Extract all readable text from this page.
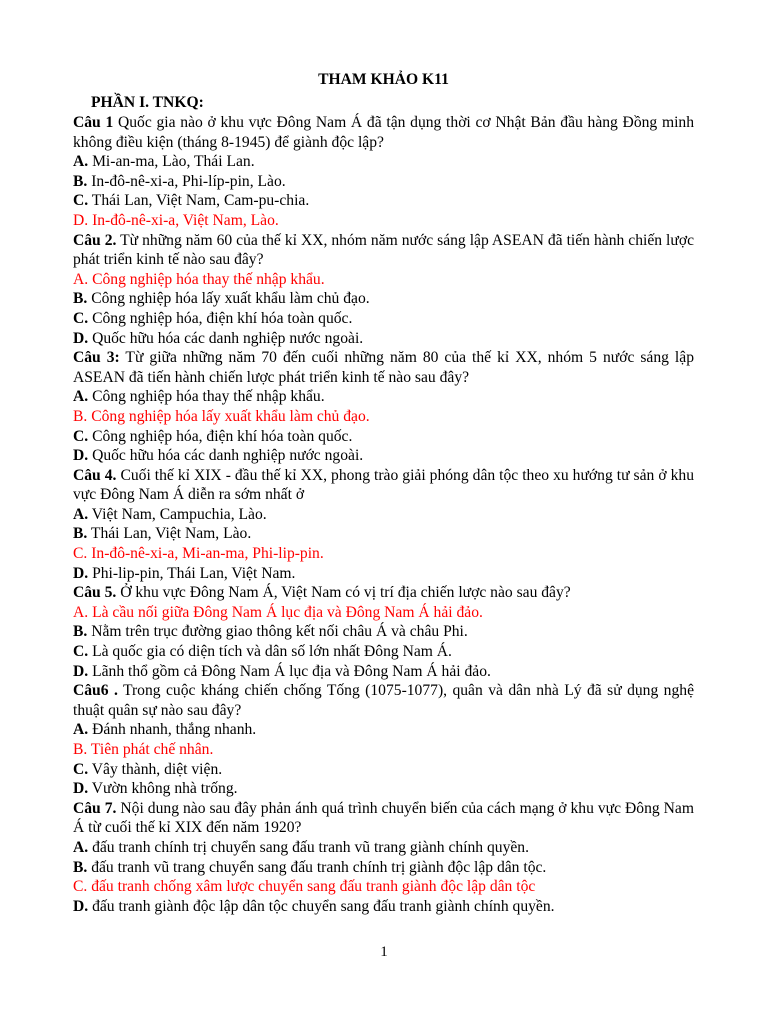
THAM KHẢO K11
PHẦN I. TNKQ:

Câu 1 Quốc gia nào ở khu vực Đông Nam Á đã tận dụng thời cơ Nhật Bản đầu hàng Đồng minh không điều kiện (tháng 8-1945) để giành độc lập?

A. Mi-an-ma, Lào, Thái Lan.

B. In-đô-nê-xi-a, Phi-líp-pin, Lào.

C. Thái Lan, Việt Nam, Cam-pu-chia.

D. In-đô-nê-xi-a, Việt Nam, Lào.

Câu 2. Từ những năm 60 của thế kỉ XX, nhóm năm nước sáng lập ASEAN đã tiến hành chiến lược phát triển kinh tế nào sau đây?

A. Công nghiệp hóa thay thế nhập khẩu.

B. Công nghiệp hóa lấy xuất khẩu làm chủ đạo.

C. Công nghiệp hóa, điện khí hóa toàn quốc.

D. Quốc hữu hóa các danh nghiệp nước ngoài.

Câu 3: Từ giữa những năm 70 đến cuối những năm 80 của thế kỉ XX, nhóm 5 nước sáng lập ASEAN đã tiến hành chiến lược phát triển kinh tế nào sau đây?

A. Công nghiệp hóa thay thế nhập khẩu.

B. Công nghiệp hóa lấy xuất khẩu làm chủ đạo.

C. Công nghiệp hóa, điện khí hóa toàn quốc.

D. Quốc hữu hóa các danh nghiệp nước ngoài.

Câu 4. Cuối thế kỉ XIX - đầu thế kỉ XX, phong trào giải phóng dân tộc theo xu hướng tư sản ở khu vực Đông Nam Á diễn ra sớm nhất ở

A. Việt Nam, Campuchia, Lào.

B. Thái Lan, Việt Nam, Lào.

C. In-đô-nê-xi-a, Mi-an-ma, Phi-lip-pin.

D. Phi-lip-pin, Thái Lan, Việt Nam.

Câu 5. Ở khu vực Đông Nam Á, Việt Nam có vị trí địa chiến lược nào sau đây?

A. Là cầu nối giữa Đông Nam Á lục địa và Đông Nam Á hải đảo.

B. Nằm trên trục đường giao thông kết nối châu Á và châu Phi.

C. Là quốc gia có diện tích và dân số lớn nhất Đông Nam Á.

D. Lãnh thổ gồm cả Đông Nam Á lục địa và Đông Nam Á hải đảo.

Câu6 . Trong cuộc kháng chiến chống Tống (1075-1077), quân và dân nhà Lý đã sử dụng nghệ thuật quân sự nào sau đây?

A. Đánh nhanh, thắng nhanh.

B. Tiên phát chế nhân.

C. Vây thành, diệt viện.

D. Vườn không nhà trống.

Câu 7. Nội dung nào sau đây phản ánh quá trình chuyển biến của cách mạng ở khu vực Đông Nam Á từ cuối thế kỉ XIX đến năm 1920?

A. đấu tranh chính trị chuyển sang đấu tranh vũ trang giành chính quyền.

B. đấu tranh vũ trang chuyển sang đấu tranh chính trị giành độc lập dân tộc.

C. đấu tranh chống xâm lược chuyển sang đấu tranh giành độc lập dân tộc

D. đấu tranh giành độc lập dân tộc chuyển sang đấu tranh giành chính quyền.

1
